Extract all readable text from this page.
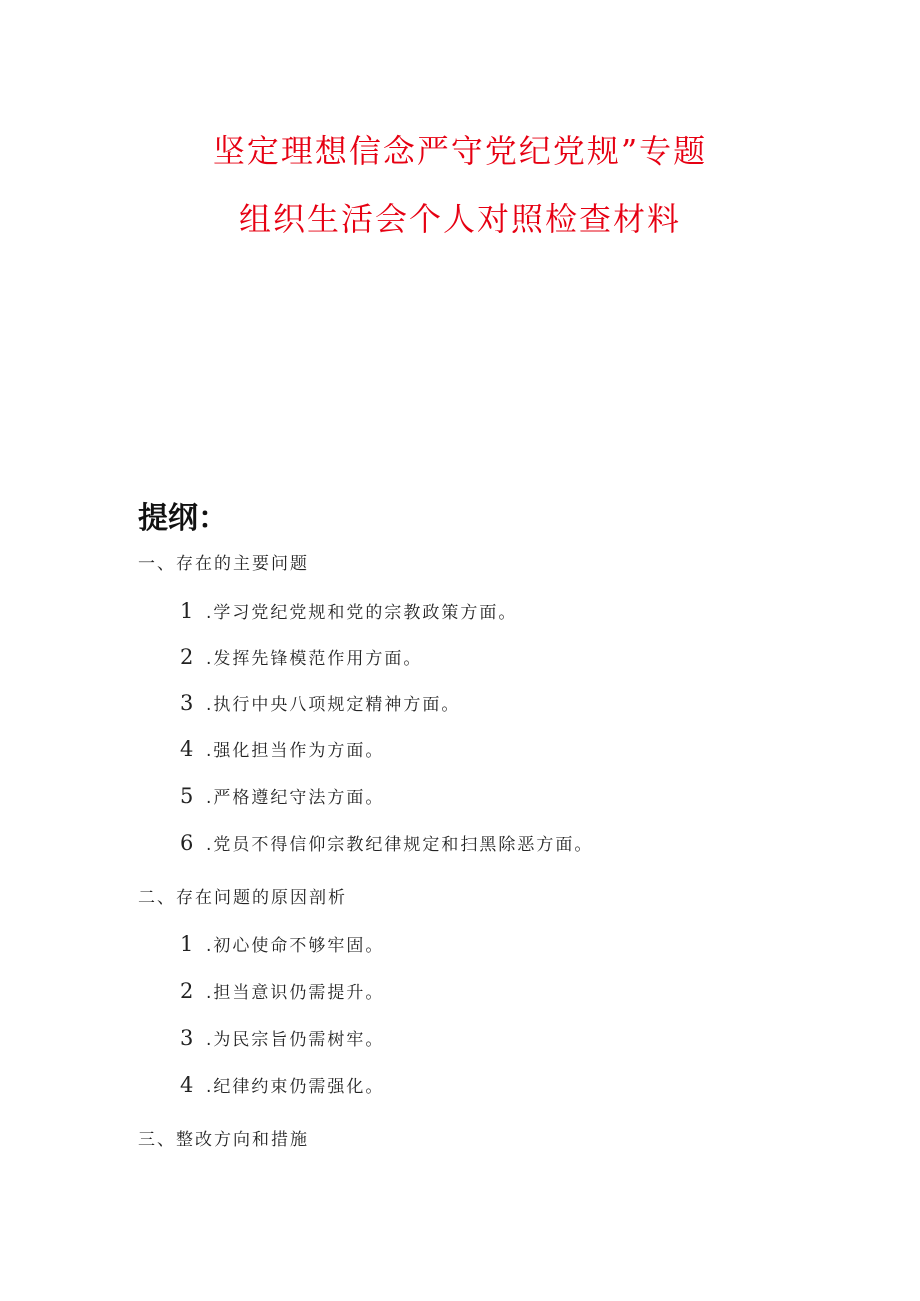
坚定理想信念严守党纪党规”专题
组织生活会个人对照检查材料
提纲：
一、存在的主要问题
1 .学习党纪党规和党的宗教政策方面。
2 .发挥先锋模范作用方面。
3 .执行中央八项规定精神方面。
4 .强化担当作为方面。
5 .严格遵纪守法方面。
6 .党员不得信仰宗教纪律规定和扫黑除恶方面。
二、存在问题的原因剖析
1 .初心使命不够牢固。
2 .担当意识仍需提升。
3 .为民宗旨仍需树牢。
4 .纪律约束仍需强化。
三、整改方向和措施
